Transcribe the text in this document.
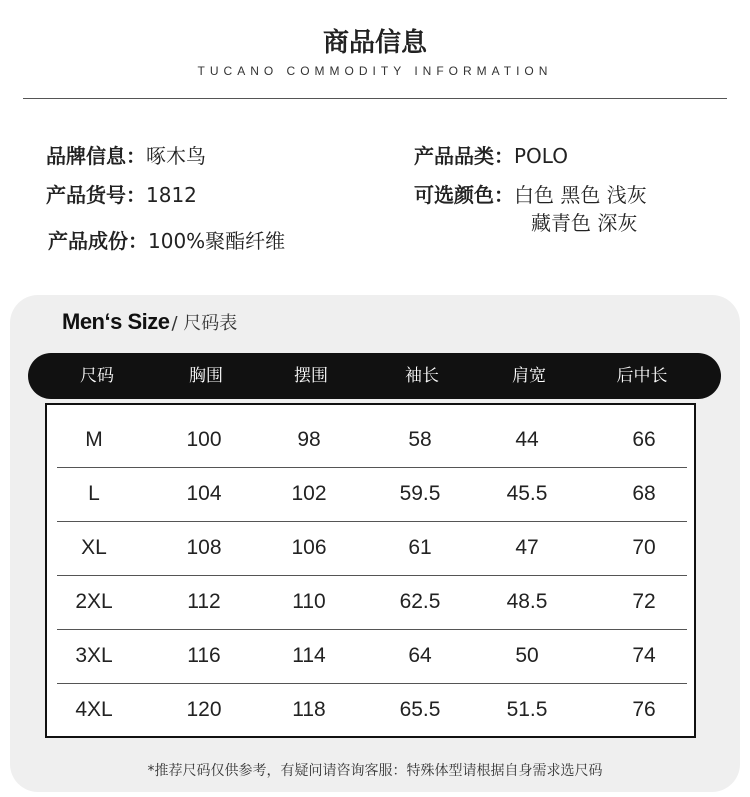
商品信息
TUCANO COMMODITY INFORMATION
品牌信息：啄木鸟
产品货号：1812
产品成份：100%聚酯纤维
产品品类：POLO
可选颜色：白色 黑色 浅灰
藏青色 深灰
Men‘s Size / 尺码表
尺码	胸围	摆围	袖长	肩宽	后中长
M	100	98	58	44	66
L	104	102	59.5	45.5	68
XL	108	106	61	47	70
2XL	112	110	62.5	48.5	72
3XL	116	114	64	50	74
4XL	120	118	65.5	51.5	76
*推荐尺码仅供参考，有疑问请咨询客服：特殊体型请根据自身需求选尺码
